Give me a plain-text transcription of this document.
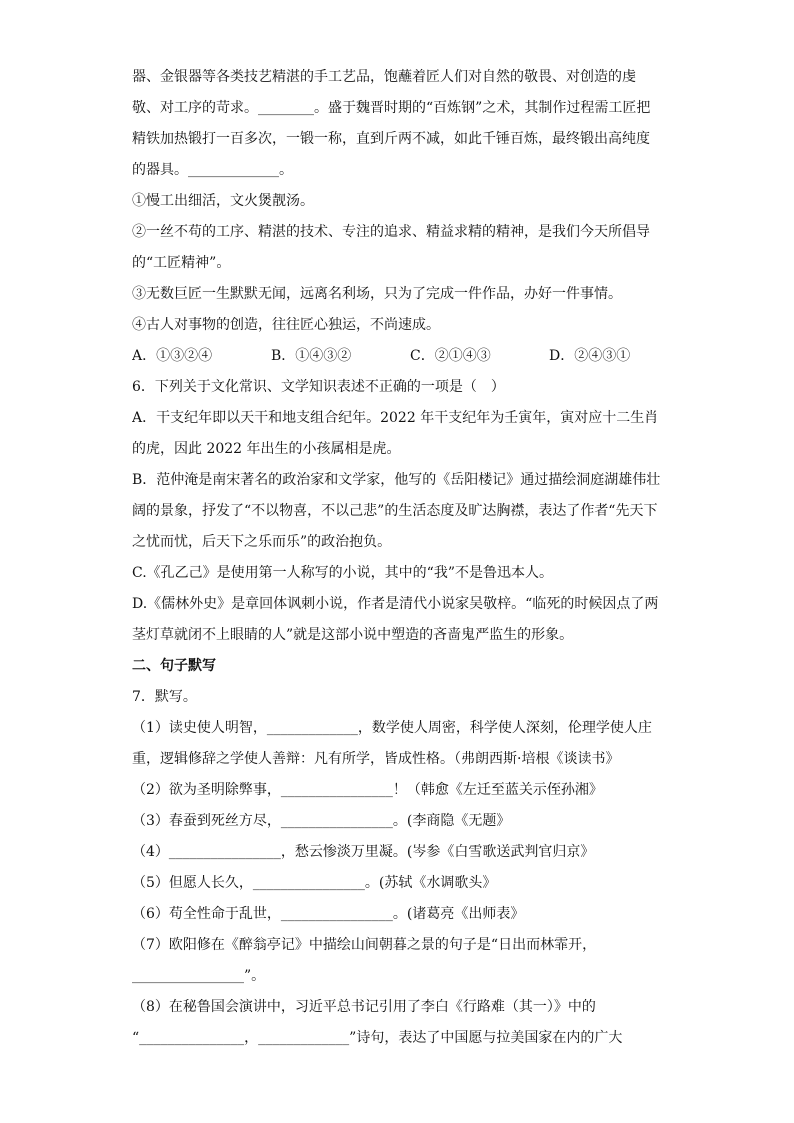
器、金银器等各类技艺精湛的手工艺品，饱蘸着匠人们对自然的敬畏、对创造的虔
敬、对工序的苛求。________。盛于魏晋时期的“百炼钢”之术，其制作过程需工匠把
精铁加热锻打一百多次，一锻一称，直到斤两不减，如此千锤百炼，最终锻出高纯度
的器具。_____________。
①慢工出细活，文火煲靓汤。
②一丝不苟的工序、精湛的技术、专注的追求、精益求精的精神，是我们今天所倡导
的“工匠精神”。
③无数巨匠一生默默无闻，远离名利场，只为了完成一件作品，办好一件事情。
④古人对事物的创造，往往匠心独运，不尚速成。
A．①③②④	B．①④③②	C．②①④③	D．②④③①
6．下列关于文化常识、文学知识表述不正确的一项是（　）
A．干支纪年即以天干和地支组合纪年。2022 年干支纪年为壬寅年，寅对应十二生肖
的虎，因此 2022 年出生的小孩属相是虎。
B．范仲淹是南宋著名的政治家和文学家，他写的《岳阳楼记》通过描绘洞庭湖雄伟壮
阔的景象，抒发了“不以物喜，不以己悲”的生活态度及旷达胸襟，表达了作者“先天下
之忧而忧，后天下之乐而乐”的政治抱负。
C.《孔乙己》是使用第一人称写的小说，其中的“我”不是鲁迅本人。
D.《儒林外史》是章回体讽刺小说，作者是清代小说家吴敬梓。“临死的时候因点了两
茎灯草就闭不上眼睛的人”就是这部小说中塑造的吝啬鬼严监生的形象。
二、句子默写
7．默写。
（1）读史使人明智，_____________，数学使人周密，科学使人深刻，伦理学使人庄
重，逻辑修辞之学使人善辩：凡有所学，皆成性格。（弗朗西斯·培根《谈读书》
（2）欲为圣明除弊事，________________！（韩愈《左迁至蓝关示侄孙湘》
（3）春蚕到死丝方尽，________________。(李商隐《无题》
（4）________________，愁云惨淡万里凝。(岑参《白雪歌送武判官归京》
（5）但愿人长久，________________。(苏轼《水调歌头》
（6）苟全性命于乱世，________________。(诸葛亮《出师表》
（7）欧阳修在《醉翁亭记》中描绘山间朝暮之景的句子是“日出而林霏开，
________________”。
（8）在秘鲁国会演讲中，习近平总书记引用了李白《行路难（其一）》中的
“_______________，_____________”诗句，表达了中国愿与拉美国家在内的广大
